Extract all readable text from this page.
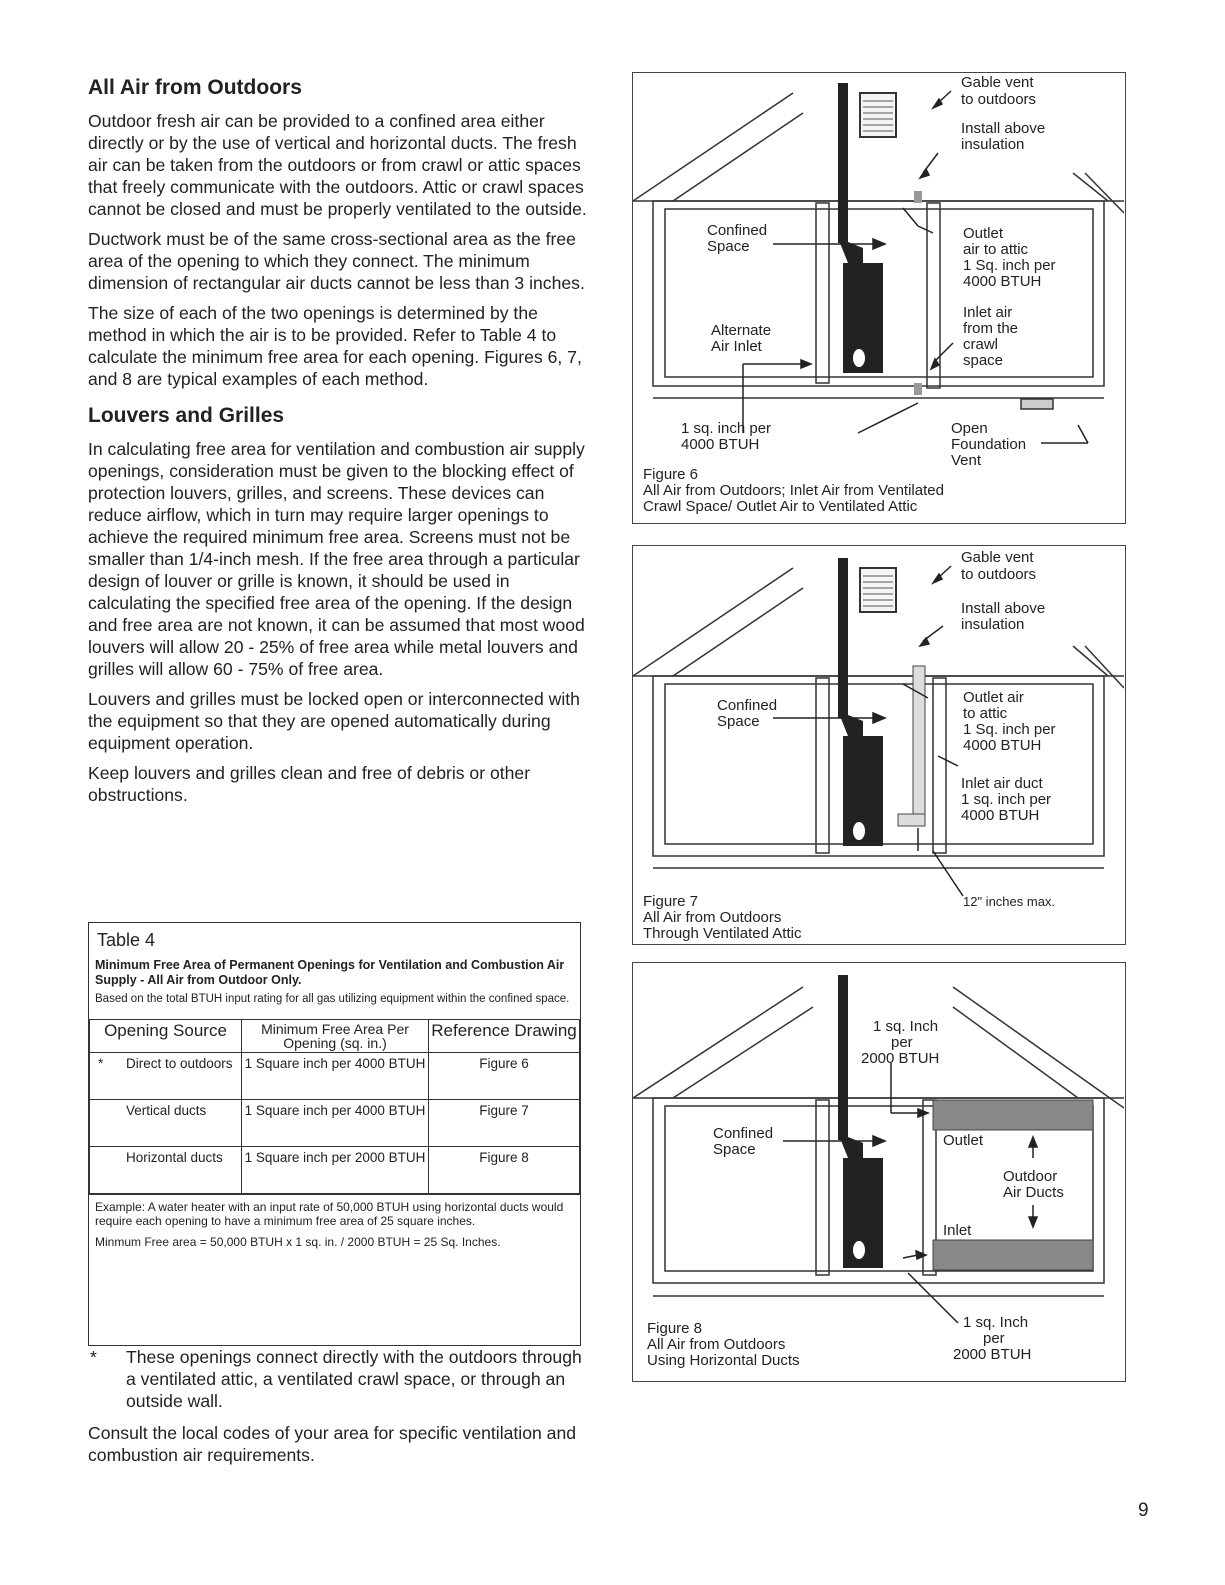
All Air from Outdoors

Outdoor fresh air can be provided to a confined area either directly or by the use of vertical and horizontal ducts. The fresh air can be taken from the outdoors or from crawl or attic spaces that freely communicate with the outdoors. Attic or crawl spaces cannot be closed and must be properly ventilated to the outside.

Ductwork must be of the same cross-sectional area as the free area of the opening to which they connect. The minimum dimension of rectangular air ducts cannot be less than 3 inches.

The size of each of the two openings is determined by the method in which the air is to be provided. Refer to Table 4 to calculate the minimum free area for each opening. Figures 6, 7, and 8 are typical examples of each method.

Louvers and Grilles

In calculating free area for ventilation and combustion air supply openings, consideration must be given to the blocking effect of protection louvers, grilles, and screens. These devices can reduce airflow, which in turn may require larger openings to achieve the required minimum free area. Screens must not be smaller than 1/4-inch mesh. If the free area through a particular design of louver or grille is known, it should be used in calculating the specified free area of the opening. If the design and free area are not known, it can be assumed that most wood louvers will allow 20 - 25% of free area while metal louvers and grilles will allow 60 - 75% of free area.

Louvers and grilles must be locked open or interconnected with the equipment so that they are opened automatically during equipment operation.

Keep louvers and grilles clean and free of debris or other obstructions.

Table 4
Minimum Free Area of Permanent Openings for Ventilation and Combustion Air Supply - All Air from Outdoor Only.
Based on the total BTUH input rating for all gas utilizing equipment within the confined space.
Opening Source	Minimum Free Area Per Opening (sq. in.)	Reference Drawing
* Direct to outdoors	1 Square inch per 4000 BTUH	Figure 6
Vertical ducts	1 Square inch per 4000 BTUH	Figure 7
Horizontal ducts	1 Square inch per 2000 BTUH	Figure 8
Example: A water heater with an input rate of 50,000 BTUH using horizontal ducts would require each opening to have a minimum free area of 25 square inches.
Minmum Free area = 50,000 BTUH x 1 sq. in. / 2000 BTUH = 25 Sq. Inches.
* These openings connect directly with the outdoors through a ventilated attic, a ventilated crawl space, or through an outside wall.

Consult the local codes of your area for specific ventilation and combustion air requirements.

Gable vent
to outdoors
Install above
insulation
Confined
Space
Outlet
air to attic
1 Sq. inch per
4000 BTUH
Inlet air
from the
crawl
space
Alternate
Air Inlet
1 sq. inch per
4000 BTUH
Open
Foundation
Vent
Figure 6
All Air from Outdoors; Inlet Air from Ventilated
Crawl Space/ Outlet Air to Ventilated Attic
Gable vent
to outdoors
Install above
insulation
Confined
Space
Outlet air
to attic
1 Sq. inch per
4000 BTUH
Inlet air duct
1 sq. inch per
4000 BTUH
12" inches max.
Figure 7
All Air from Outdoors
Through Ventilated Attic
1 sq. Inch
per
2000 BTUH
Confined
Space
Outlet
Outdoor
Air Ducts
Inlet
1 sq. Inch
per
2000 BTUH
Figure 8
All Air from Outdoors
Using Horizontal Ducts
9
